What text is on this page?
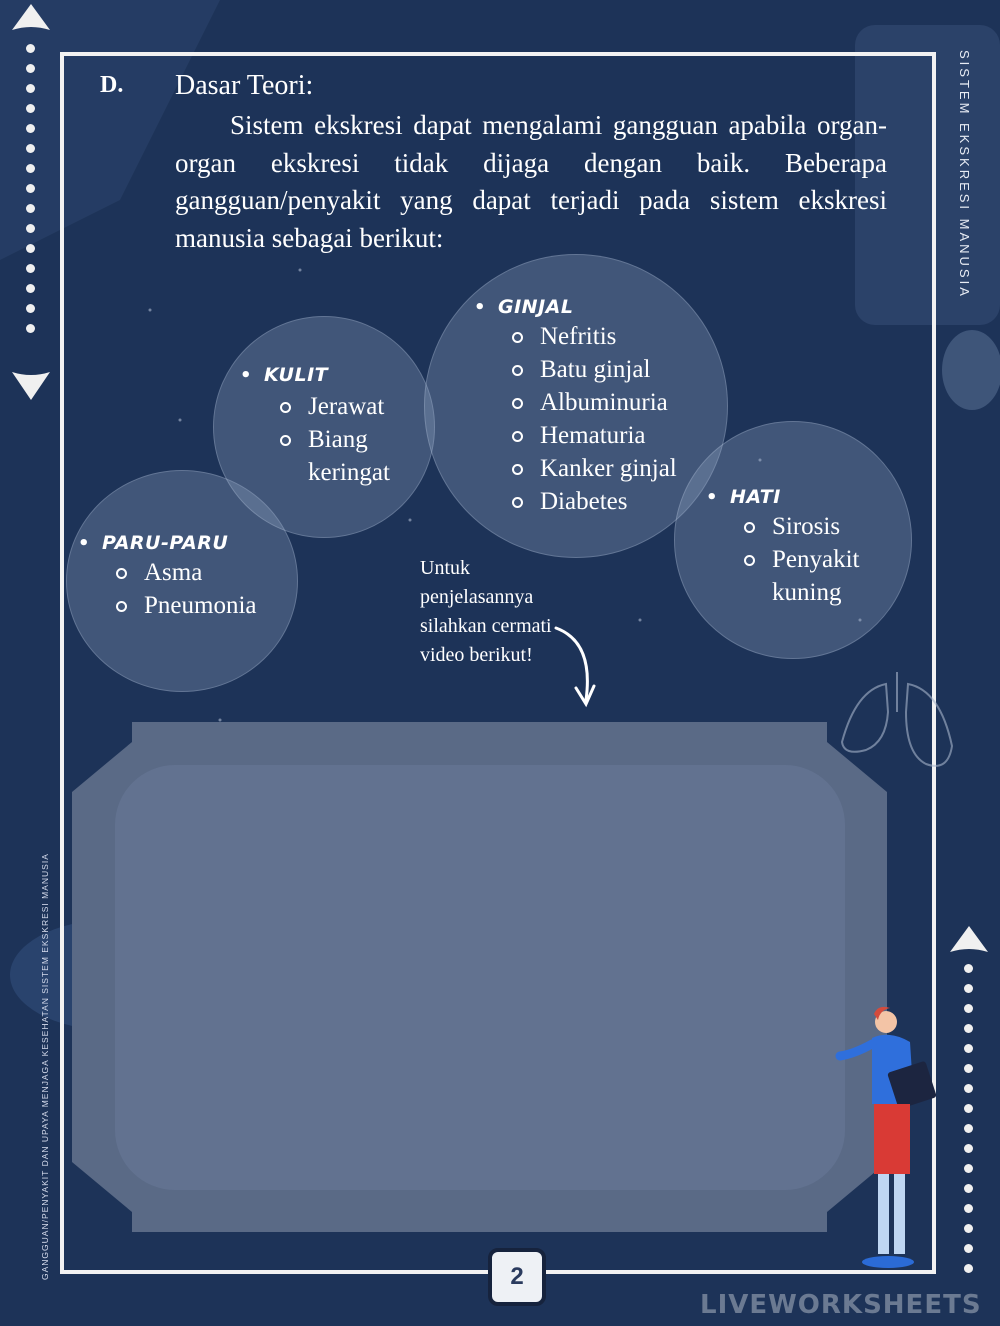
SISTEM EKSKRESI MANUSIA
GANGGUAN/PENYAKIT DAN UPAYA MENJAGA KESEHATAN SISTEM EKSKRESI MANUSIA
D. Dasar Teori:
Sistem ekskresi dapat mengalami gangguan apabila organ-organ ekskresi tidak dijaga dengan baik. Beberapa gangguan/penyakit yang dapat terjadi pada sistem ekskresi manusia sebagai berikut:
• KULIT
Jerawat
Biang keringat
• GINJAL
Nefritis
Batu ginjal
Albuminuria
Hematuria
Kanker ginjal
Diabetes
• PARU-PARU
Asma
Pneumonia
• HATI
Sirosis
Penyakit kuning
Untuk penjelasannya silahkan cermati video berikut!
2
LIVEWORKSHEETS
